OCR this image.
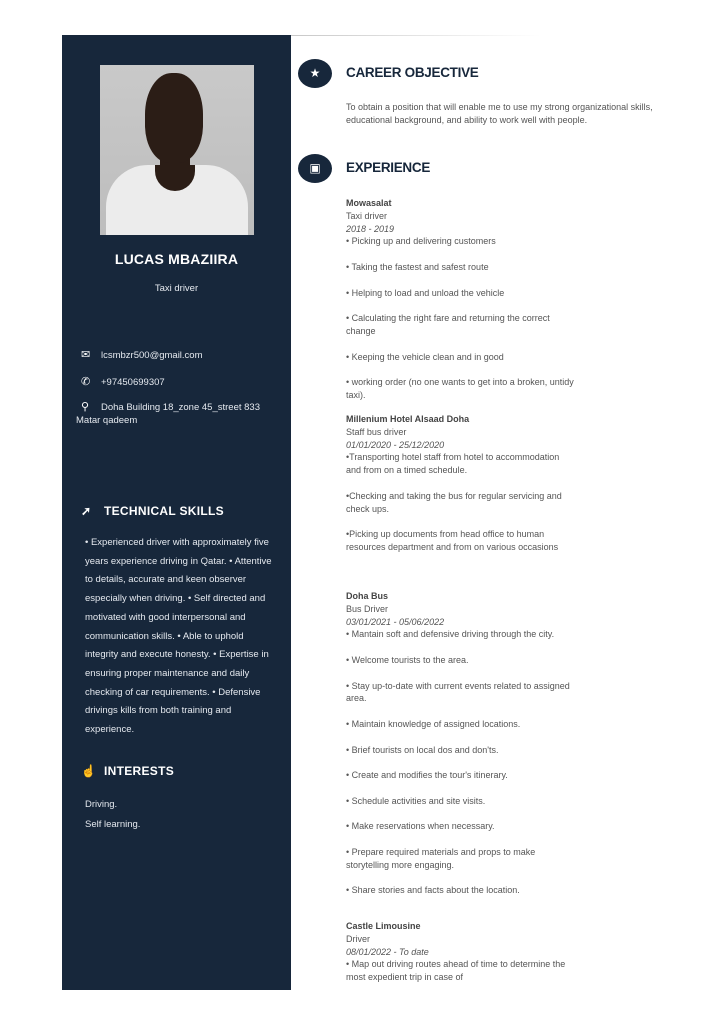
LUCAS MBAZIIRA
Taxi driver
✉ lcsmbzr500@gmail.com
✆ +97450699307
⚲ Doha Building 18_zone 45_street 833 Matar qadeem
➚ TECHNICAL SKILLS
• Experienced driver with approximately five years experience driving in Qatar. • Attentive to details, accurate and keen observer especially when driving. • Self directed and motivated with good interpersonal and communication skills. • Able to uphold integrity and execute honesty. • Expertise in ensuring proper maintenance and daily checking of car requirements. • Defensive drivings kills from both training and experience.
☝ INTERESTS
Driving.
Self learning.
★	CAREER OBJECTIVE
To obtain a position that will enable me to use my strong organizational skills, educational background, and ability to work well with people.
▣	EXPERIENCE
Mowasalat
Taxi driver
2018 - 2019
• Picking up and delivering customers
• Taking the fastest and safest route
• Helping to load and unload the vehicle
• Calculating the right fare and returning the correct change
• Keeping the vehicle clean and in good
• working order (no one wants to get into a broken, untidy taxi).
Millenium Hotel Alsaad Doha
Staff bus driver
01/01/2020 - 25/12/2020
•Transporting hotel staff from hotel to accommodation and from on a timed schedule.
•Checking and taking the bus for regular servicing and check ups.
•Picking up documents from head office to human resources department and from on various occasions
Doha Bus
Bus Driver
03/01/2021 - 05/06/2022
• Mantain soft and defensive driving through the city.
• Welcome tourists to the area.
• Stay up-to-date with current events related to assigned area.
• Maintain knowledge of assigned locations.
• Brief tourists on local dos and don'ts.
• Create and modifies the tour's itinerary.
• Schedule activities and site visits.
• Make reservations when necessary.
• Prepare required materials and props to make storytelling more engaging.
• Share stories and facts about the location.
Castle Limousine
Driver
08/01/2022 - To date
• Map out driving routes ahead of time to determine the most expedient trip in case of
